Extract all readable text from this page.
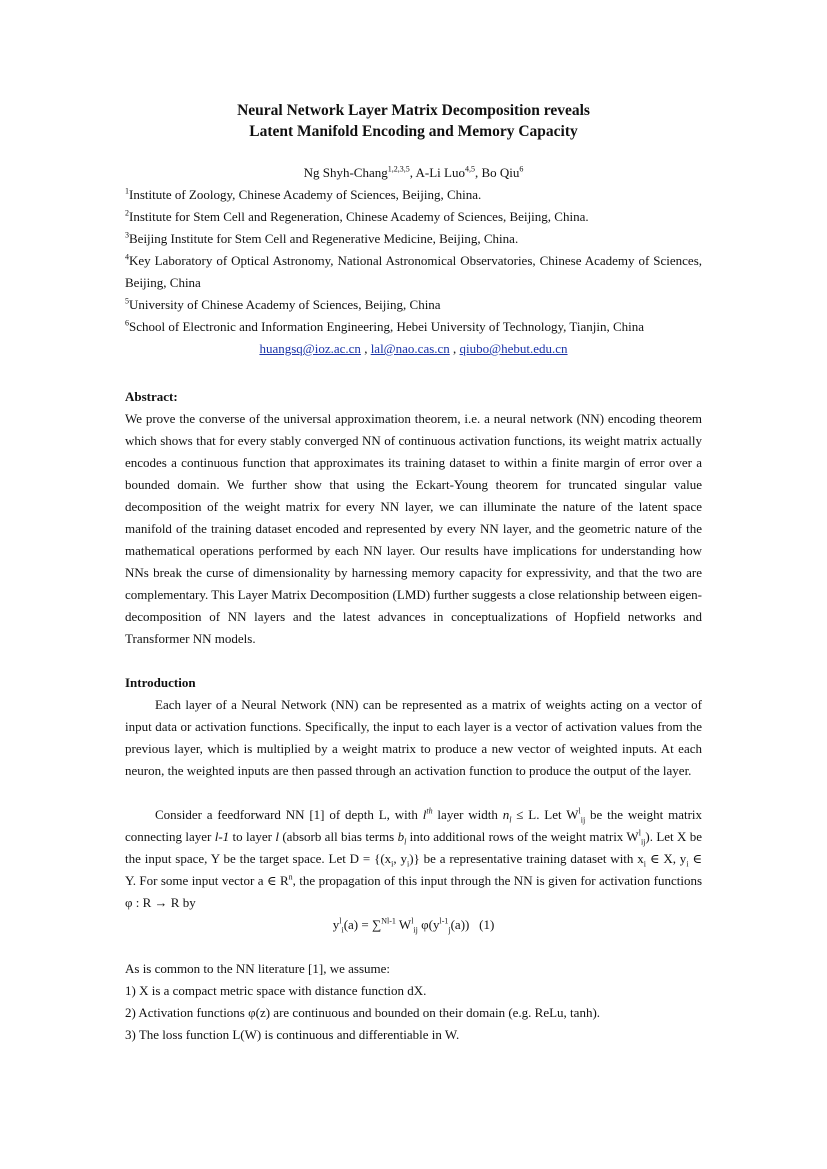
Neural Network Layer Matrix Decomposition reveals
Latent Manifold Encoding and Memory Capacity

Ng Shyh-Chang$^{1,2,3,5}$, A-Li Luo$^{4,5}$, Bo Qiu$^6$

$^1$Institute of Zoology, Chinese Academy of Sciences, Beijing, China.

$^2$Institute for Stem Cell and Regeneration, Chinese Academy of Sciences, Beijing, China.

$^3$Beijing Institute for Stem Cell and Regenerative Medicine, Beijing, China.

$^4$Key Laboratory of Optical Astronomy, National Astronomical Observatories, Chinese Academy of Sciences, Beijing, China

$^5$University of Chinese Academy of Sciences, Beijing, China

$^6$School of Electronic and Information Engineering, Hebei University of Technology, Tianjin, China

huangsq@ioz.ac.cn , lal@nao.cas.cn , qiubo@hebut.edu.cn

Abstract:

We prove the converse of the universal approximation theorem, i.e. a neural network (NN) encoding theorem which shows that for every stably converged NN of continuous activation functions, its weight matrix actually encodes a continuous function that approximates its training dataset to within a finite margin of error over a bounded domain. We further show that using the Eckart-Young theorem for truncated singular value decomposition of the weight matrix for every NN layer, we can illuminate the nature of the latent space manifold of the training dataset encoded and represented by every NN layer, and the geometric nature of the mathematical operations performed by each NN layer. Our results have implications for understanding how NNs break the curse of dimensionality by harnessing memory capacity for expressivity, and that the two are complementary. This Layer Matrix Decomposition (LMD) further suggests a close relationship between eigen-decomposition of NN layers and the latest advances in conceptualizations of Hopfield networks and Transformer NN models.

Introduction

Each layer of a Neural Network (NN) can be represented as a matrix of weights acting on a vector of input data or activation functions. Specifically, the input to each layer is a vector of activation values from the previous layer, which is multiplied by a weight matrix to produce a new vector of weighted inputs. At each neuron, the weighted inputs are then passed through an activation function to produce the output of the layer.

Consider a feedforward NN [1] of depth L, with $l^{th}$ layer width $n_l \le L$. Let $W^l_{ij}$ be the weight matrix connecting layer l-1 to layer l (absorb all bias terms $b_l$ into additional rows of the weight matrix $W^l_{ij}$). Let X be the input space, Y be the target space. Let $D = \{(x_i$, $y_i$)} be a representative training dataset with $x_i$ ∈ X, $y_i$ ∈ Y. For some input vector a ∈ $R^n$, the propagation of this input through the NN is given for activation functions φ : R → R by

$y^l_i(a) = \sum^{Nl-1}$ $W^l_{ij}$ $\varphi(y^{l-1}_j(a))$ (1)

As is common to the NN literature [1], we assume:

1) X is a compact metric space with distance function dX.

2) Activation functions φ(z) are continuous and bounded on their domain (e.g. ReLu, tanh).

3) The loss function L(W) is continuous and differentiable in W.
